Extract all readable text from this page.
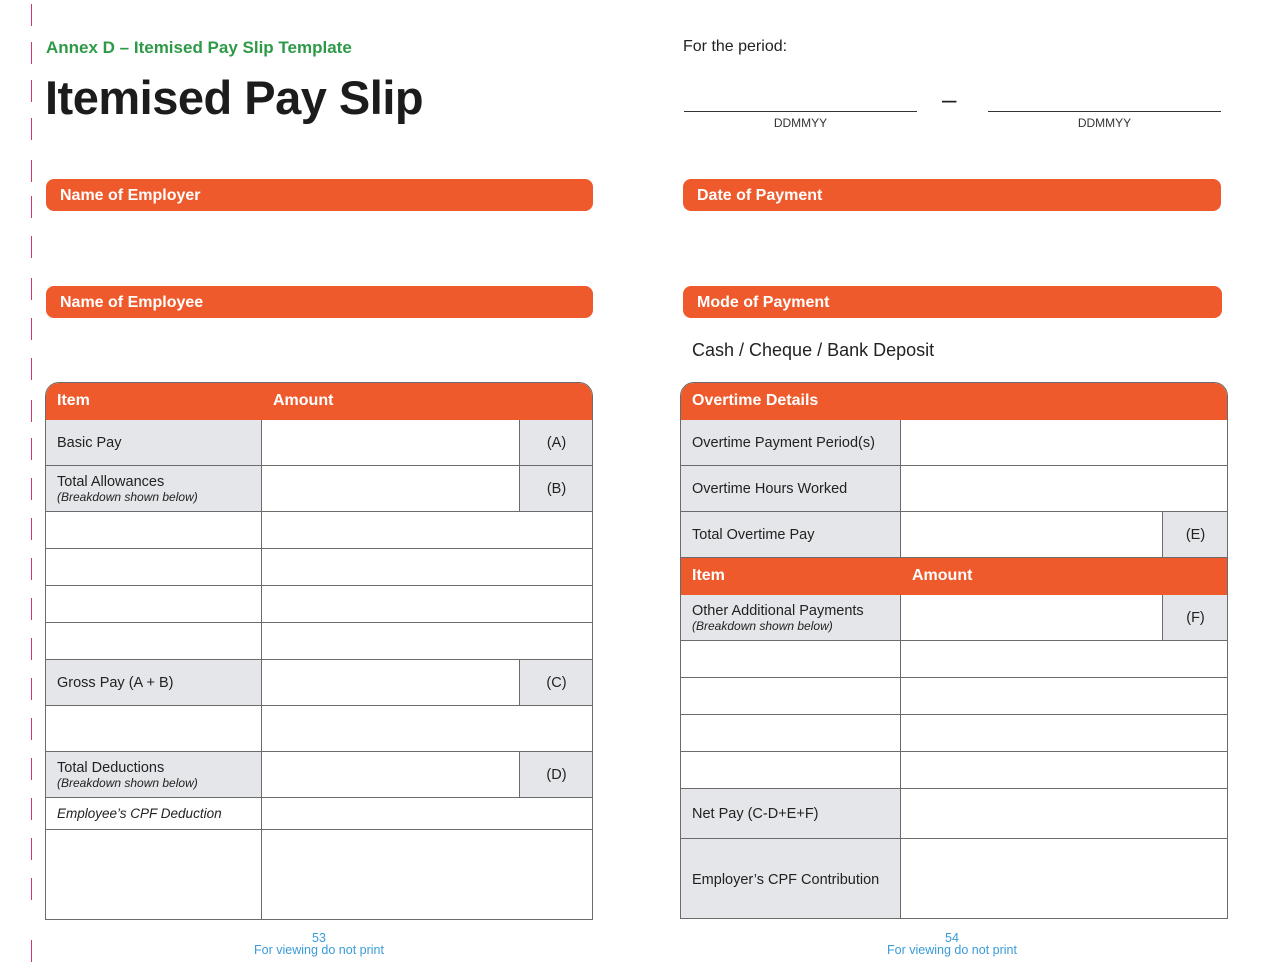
Annex D – Itemised Pay Slip Template
Itemised Pay Slip
For the period:
–
DDMMYY	DDMMYY
Name of Employer
Name of Employee
Date of Payment
Mode of Payment
Cash / Cheque / Bank Deposit
Item	Amount	
Basic Pay		(A)
Total Allowances
(Breakdown shown below)		(B)

Gross Pay (A + B)		(C)

Total Deductions
(Breakdown shown below)		(D)
Employee’s CPF Deduction		

Overtime Details		
Overtime Payment Period(s)		
Overtime Hours Worked		
Total Overtime Pay		(E)
Item	Amount	
Other Additional Payments
(Breakdown shown below)		(F)

Net Pay (C-D+E+F)		
Employer’s CPF Contribution		
53
For viewing do not print
54
For viewing do not print
